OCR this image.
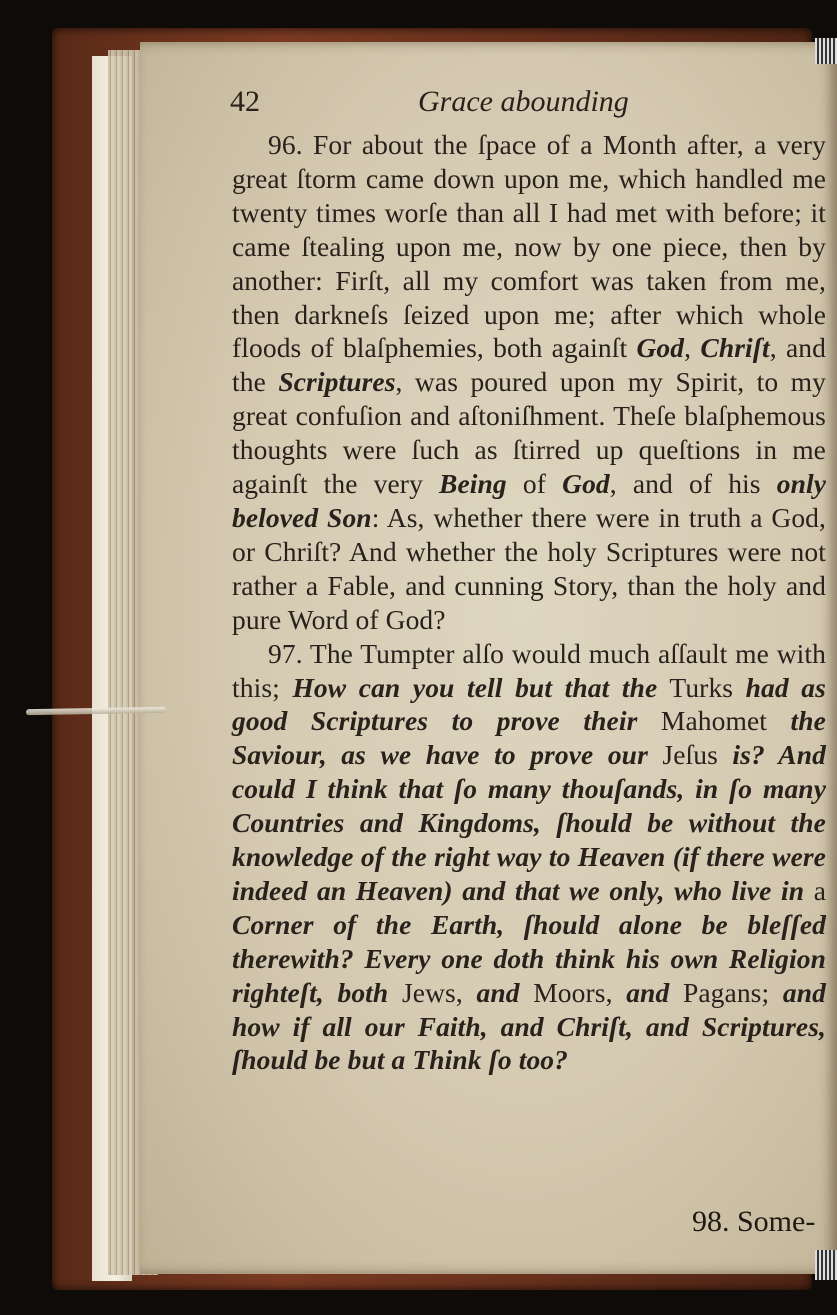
42	Grace abounding

96. For about the ſpace of a Month after, a very great ſtorm came down upon me, which handled me twenty times worſe than all I had met with before; it came ſtealing upon me, now by one piece, then by another: Firſt, all my comfort was taken from me, then darkneſs ſeized upon me; after which whole floods of blaſphemies, both againſt God, Chriſt, and the Scriptures, was poured upon my Spirit, to my great confuſion and aſtoniſhment. Theſe blaſphemous thoughts were ſuch as ſtirred up queſtions in me againſt the very Being of God, and of his only beloved Son: As, whether there were in truth a God, or Chriſt? And whether the holy Scriptures were not rather a Fable, and cunning Story, than the holy and pure Word of God?

97. The Tumpter alſo would much aſſault me with this; How can you tell but that the Turks had as good Scriptures to prove their Mahomet the Saviour, as we have to prove our Jeſus is? And could I think that ſo many thouſands, in ſo many Countries and Kingdoms, ſhould be without the knowledge of the right way to Heaven (if there were indeed an Heaven) and that we only, who live in a Corner of the Earth, ſhould alone be bleſſed therewith? Every one doth think his own Religion righteſt, both Jews, and Moors, and Pagans; and how if all our Faith, and Chriſt, and Scriptures, ſhould be but a Think ſo too?

98. Some-
